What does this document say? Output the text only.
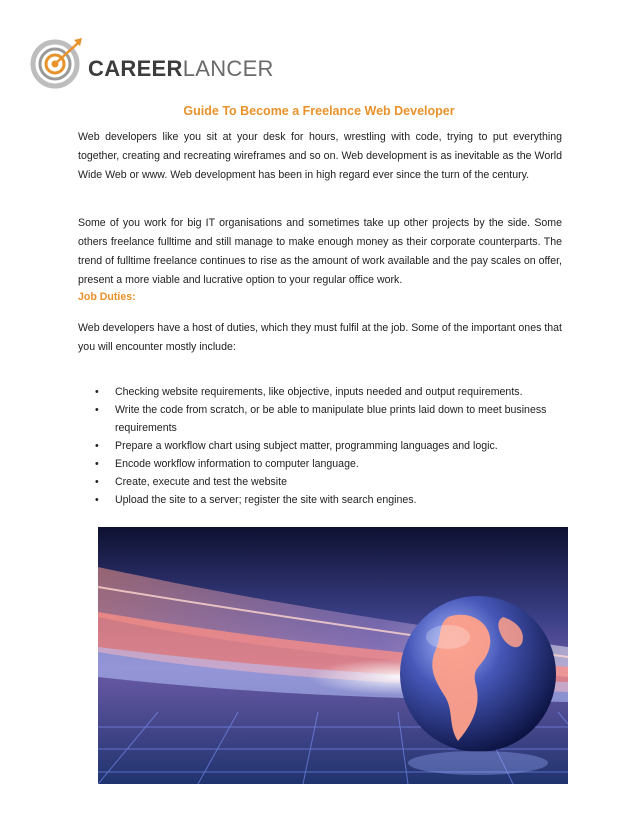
CAREERLANCER
Guide To Become a Freelance Web Developer
Web developers like you sit at your desk for hours, wrestling with code, trying to put everything together, creating and recreating wireframes and so on. Web development is as inevitable as the World Wide Web or www. Web development has been in high regard ever since the turn of the century.
Some of you work for big IT organisations and sometimes take up other projects by the side. Some others freelance fulltime and still manage to make enough money as their corporate counterparts. The trend of fulltime freelance continues to rise as the amount of work available and the pay scales on offer, present a more viable and lucrative option to your regular office work.
Job Duties:
Web developers have a host of duties, which they must fulfil at the job. Some of the important ones that you will encounter mostly include:
• Checking website requirements, like objective, inputs needed and output requirements.
• Write the code from scratch, or be able to manipulate blue prints laid down to meet business requirements
• Prepare a workflow chart using subject matter, programming languages and logic.
• Encode workflow information to computer language.
• Create, execute and test the website
• Upload the site to a server; register the site with search engines.
